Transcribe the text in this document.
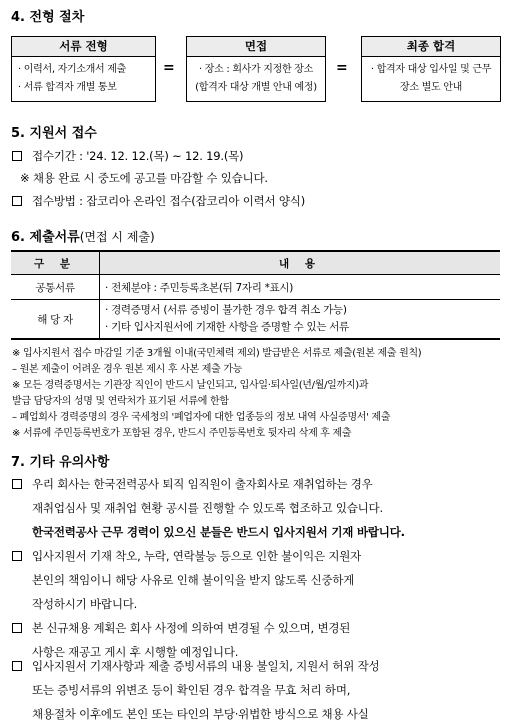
4. 전형 절차
서류 전형
· 이력서, 자기소개서 제출
· 서류 합격자 개별 통보
=
면접
· 장소 : 회사가 지정한 장소
(합격자 대상 개별 안내 예정)
=
최종 합격
· 합격자 대상 입사일 및 근무
장소 별도 안내
5. 지원서 접수
접수기간 : '24. 12. 12.(목) ~ 12. 19.(목)
※ 채용 완료 시 중도에 공고를 마감할 수 있습니다.
접수방법 : 잡코리아 온라인 접수(잡코리아 이력서 양식)
6. 제출서류(면접 시 제출)
구 분	내 용
공통서류	· 전체분야 : 주민등록초본(뒤 7자리 *표시)
해 당 자	· 경력증명서 (서류 증빙이 불가한 경우 합격 취소 가능)
· 기타 입사지원서에 기재한 사항을 증명할 수 있는 서류
※ 입사지원서 접수 마감일 기준 3개월 이내(국민체력 제외) 발급받은 서류로 제출(원본 제출 원칙)
– 원본 제출이 어려운 경우 원본 제시 후 사본 제출 가능
※ 모든 경력증명서는 기관장 직인이 반드시 날인되고, 입사일·퇴사일(년/월/일까지)과
발급 담당자의 성명 및 연락처가 표기된 서류에 한함
– 폐업회사 경력증명의 경우 국세청의 '폐업자에 대한 업종등의 정보 내역 사실증명서' 제출
※ 서류에 주민등록번호가 포함된 경우, 반드시 주민등록번호 뒷자리 삭제 후 제출
7. 기타 유의사항
우리 회사는 한국전력공사 퇴직 임직원이 출자회사로 재취업하는 경우
재취업심사 및 재취업 현황 공시를 진행할 수 있도록 협조하고 있습니다.
한국전력공사 근무 경력이 있으신 분들은 반드시 입사지원서 기재 바랍니다.
입사지원서 기재 착오, 누락, 연락불능 등으로 인한 불이익은 지원자
본인의 책임이니 해당 사유로 인해 불이익을 받지 않도록 신중하게
작성하시기 바랍니다.
본 신규채용 계획은 회사 사정에 의하여 변경될 수 있으며, 변경된
사항은 재공고 게시 후 시행할 예정입니다.
입사지원서 기재사항과 제출 증빙서류의 내용 불일치, 지원서 허위 작성
또는 증빙서류의 위변조 등이 확인된 경우 합격을 무효 처리 하며,
채용절차 이후에도 본인 또는 타인의 부당·위법한 방식으로 채용 사실
